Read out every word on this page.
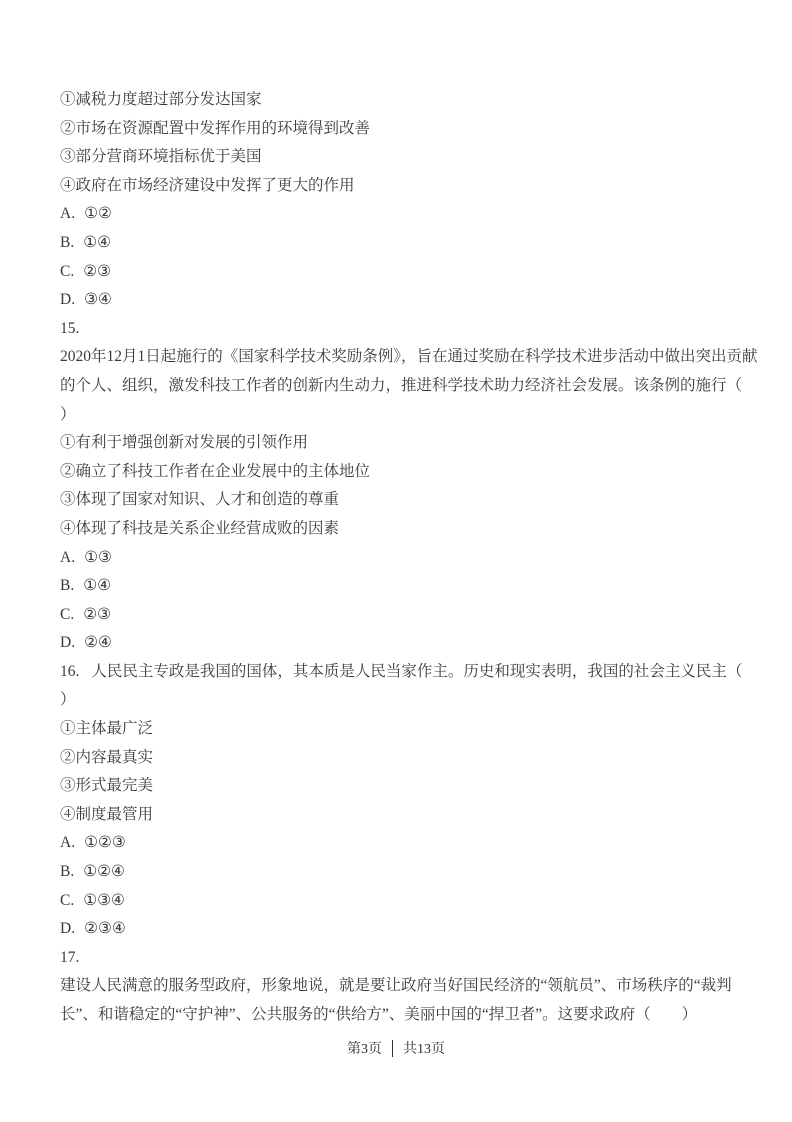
①减税力度超过部分发达国家

②市场在资源配置中发挥作用的环境得到改善

③部分营商环境指标优于美国

④政府在市场经济建设中发挥了更大的作用

A. ①②

B. ①④

C. ②③

D. ③④

15.

2020年12月1日起施行的《国家科学技术奖励条例》，旨在通过奖励在科学技术进步活动中做出突出贡献

的个人、组织，激发科技工作者的创新内生动力，推进科学技术助力经济社会发展。该条例的施行（

）

①有利于增强创新对发展的引领作用

②确立了科技工作者在企业发展中的主体地位

③体现了国家对知识、人才和创造的尊重

④体现了科技是关系企业经营成败的因素

A. ①③

B. ①④

C. ②③

D. ②④

16. 人民民主专政是我国的国体，其本质是人民当家作主。历史和现实表明，我国的社会主义民主（

）

①主体最广泛

②内容最真实

③形式最完美

④制度最管用

A. ①②③

B. ①②④

C. ①③④

D. ②③④

17.

建设人民满意的服务型政府，形象地说，就是要让政府当好国民经济的“领航员”、市场秩序的“裁判

长”、和谐稳定的“守护神”、公共服务的“供给方”、美丽中国的“捍卫者”。这要求政府（　　）

第3页 共13页
